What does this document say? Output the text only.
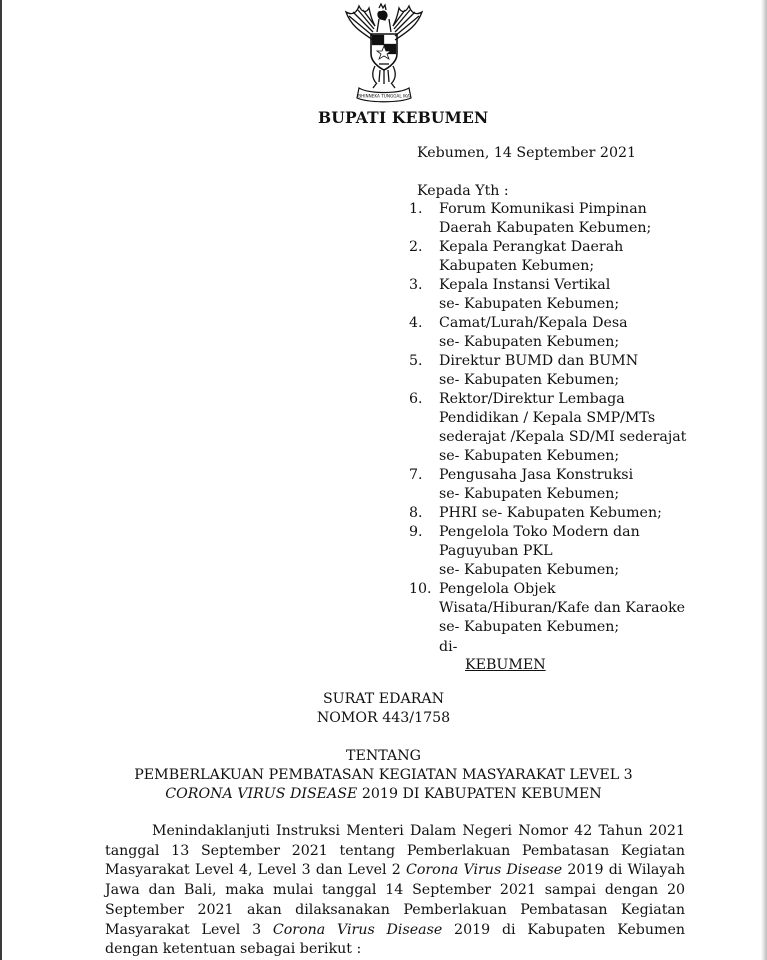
BHINNEKA TUNGGAL IKA
BUPATI KEBUMEN
Kebumen, 14 September 2021
Kepada Yth :
1.	Forum Komunikasi Pimpinan
Daerah Kabupaten Kebumen;
2.	Kepala Perangkat Daerah
Kabupaten Kebumen;
3.	Kepala Instansi Vertikal
se- Kabupaten Kebumen;
4.	Camat/Lurah/Kepala Desa
se- Kabupaten Kebumen;
5.	Direktur BUMD dan BUMN
se- Kabupaten Kebumen;
6.	Rektor/Direktur Lembaga
Pendidikan / Kepala SMP/MTs
sederajat /Kepala SD/MI sederajat
se- Kabupaten Kebumen;
7.	Pengusaha Jasa Konstruksi
se- Kabupaten Kebumen;
8.	PHRI se- Kabupaten Kebumen;
9.	Pengelola Toko Modern dan
Paguyuban PKL
se- Kabupaten Kebumen;
10. Pengelola Objek
Wisata/Hiburan/Kafe dan Karaoke
se- Kabupaten Kebumen;
di-
KEBUMEN
SURAT EDARAN
NOMOR 443/1758
TENTANG
PEMBERLAKUAN PEMBATASAN KEGIATAN MASYARAKAT LEVEL 3
CORONA VIRUS DISEASE 2019 DI KABUPATEN KEBUMEN
Menindaklanjuti Instruksi Menteri Dalam Negeri Nomor 42 Tahun 2021
tanggal 13 September 2021 tentang Pemberlakuan Pembatasan Kegiatan
Masyarakat Level 4, Level 3 dan Level 2 Corona Virus Disease 2019 di Wilayah
Jawa dan Bali, maka mulai tanggal 14 September 2021 sampai dengan 20
September 2021 akan dilaksanakan Pemberlakuan Pembatasan Kegiatan
Masyarakat Level 3 Corona Virus Disease 2019 di Kabupaten Kebumen
dengan ketentuan sebagai berikut :
